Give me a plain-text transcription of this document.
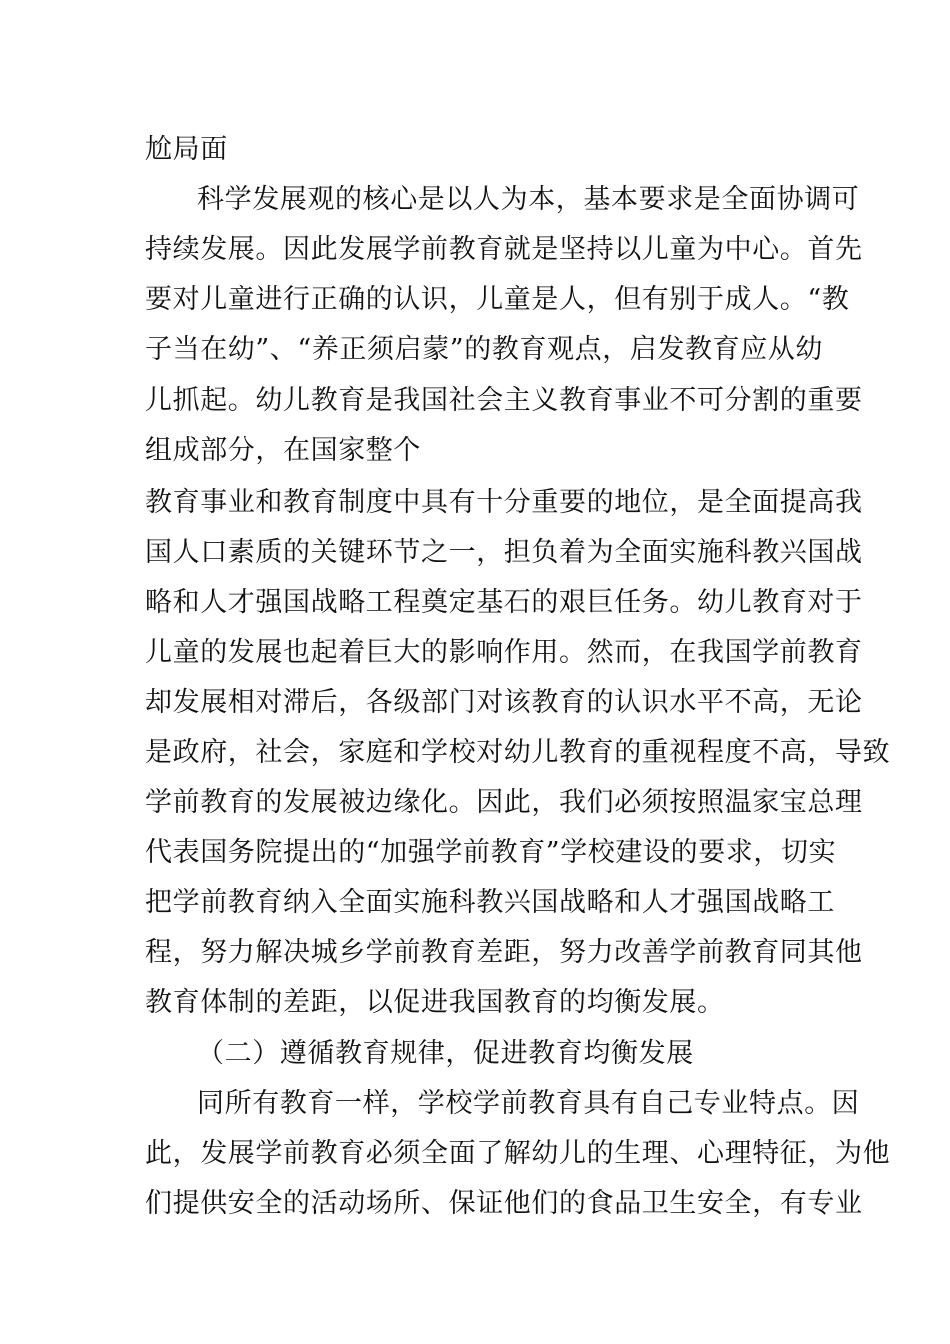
尬局面
科学发展观的核心是以人为本，基本要求是全面协调可
持续发展。因此发展学前教育就是坚持以儿童为中心。首先
要对儿童进行正确的认识，儿童是人，但有别于成人。“教
子当在幼”、“养正须启蒙”的教育观点，启发教育应从幼
儿抓起。幼儿教育是我国社会主义教育事业不可分割的重要
组成部分，在国家整个
教育事业和教育制度中具有十分重要的地位，是全面提高我
国人口素质的关键环节之一，担负着为全面实施科教兴国战
略和人才强国战略工程奠定基石的艰巨任务。幼儿教育对于
儿童的发展也起着巨大的影响作用。然而，在我国学前教育
却发展相对滞后，各级部门对该教育的认识水平不高，无论
是政府，社会，家庭和学校对幼儿教育的重视程度不高，导致
学前教育的发展被边缘化。因此，我们必须按照温家宝总理
代表国务院提出的“加强学前教育”学校建设的要求，切实
把学前教育纳入全面实施科教兴国战略和人才强国战略工
程，努力解决城乡学前教育差距，努力改善学前教育同其他
教育体制的差距，以促进我国教育的均衡发展。
（二）遵循教育规律，促进教育均衡发展
同所有教育一样，学校学前教育具有自己专业特点。因
此，发展学前教育必须全面了解幼儿的生理、心理特征，为他
们提供安全的活动场所、保证他们的食品卫生安全，有专业
